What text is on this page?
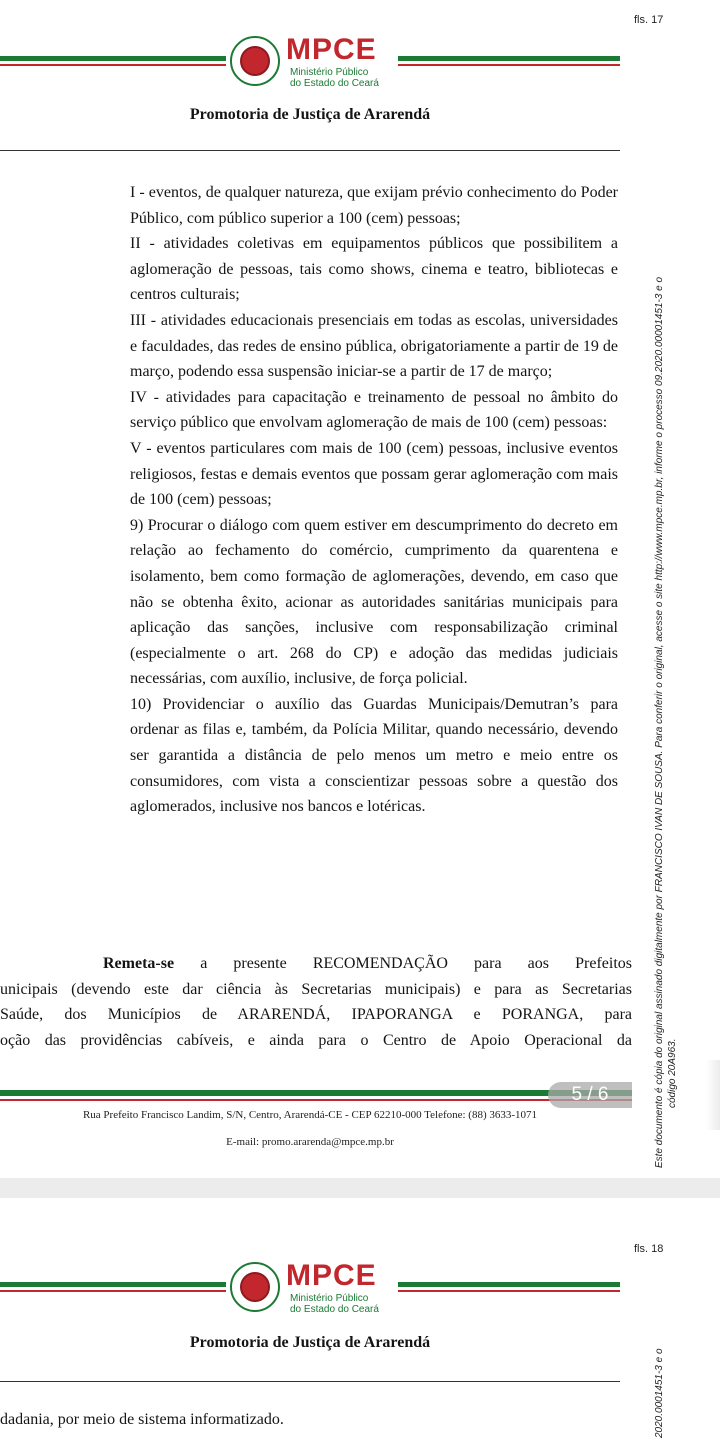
fls. 17
MPCE
Ministério Público
do Estado do Ceará
Promotoria de Justiça de Ararendá
Este documento é cópia do original assinado digitalmente por FRANCISCO IVAN DE SOUSA. Para conferir o original, acesse o site http://www.mpce.mp.br, informe o processo 09.2020.00001451-3 e o código 20A963.

I - eventos, de qualquer natureza, que exijam prévio conhecimento do Poder Público, com público superior a 100 (cem) pessoas;

II - atividades coletivas em equipamentos públicos que possibilitem a aglomeração de pessoas, tais como shows, cinema e teatro, bibliotecas e centros culturais;

III - atividades educacionais presenciais em todas as escolas, universidades e faculdades, das redes de ensino pública, obrigatoriamente a partir de 19 de março, podendo essa suspensão iniciar-se a partir de 17 de março;

IV - atividades para capacitação e treinamento de pessoal no âmbito do serviço público que envolvam aglomeração de mais de 100 (cem) pessoas:

V - eventos particulares com mais de 100 (cem) pessoas, inclusive eventos religiosos, festas e demais eventos que possam gerar aglomeração com mais de 100 (cem) pessoas;

9) Procurar o diálogo com quem estiver em descumprimento do decreto em relação ao fechamento do comércio, cumprimento da quarentena e isolamento, bem como formação de aglomerações, devendo, em caso que não se obtenha êxito, acionar as autoridades sanitárias municipais para aplicação das sanções, inclusive com responsabilização criminal (especialmente o art. 268 do CP) e adoção das medidas judiciais necessárias, com auxílio, inclusive, de força policial.

10) Providenciar o auxílio das Guardas Municipais/Demutran’s para ordenar as filas e, também, da Polícia Militar, quando necessário, devendo ser garantida a distância de pelo menos um metro e meio entre os consumidores, com vista a conscientizar pessoas sobre a questão dos aglomerados, inclusive nos bancos e lotéricas.

Remeta-se a presente RECOMENDAÇÃO para aos Prefeitos
unicipais (devendo este dar ciência às Secretarias municipais) e para as Secretarias
Saúde, dos Municípios de ARARENDÁ, IPAPORANGA e PORANGA, para
oção das providências cabíveis, e ainda para o Centro de Apoio Operacional da
5 / 6
Rua Prefeito Francisco Landim, S/N, Centro, Ararendá-CE - CEP 62210-000 Telefone: (88) 3633-1071
E-mail: promo.ararenda@mpce.mp.br
fls. 18
MPCE
Ministério Público
do Estado do Ceará
Promotoria de Justiça de Ararendá
2020.0001451-3 e o
dadania, por meio de sistema informatizado.
